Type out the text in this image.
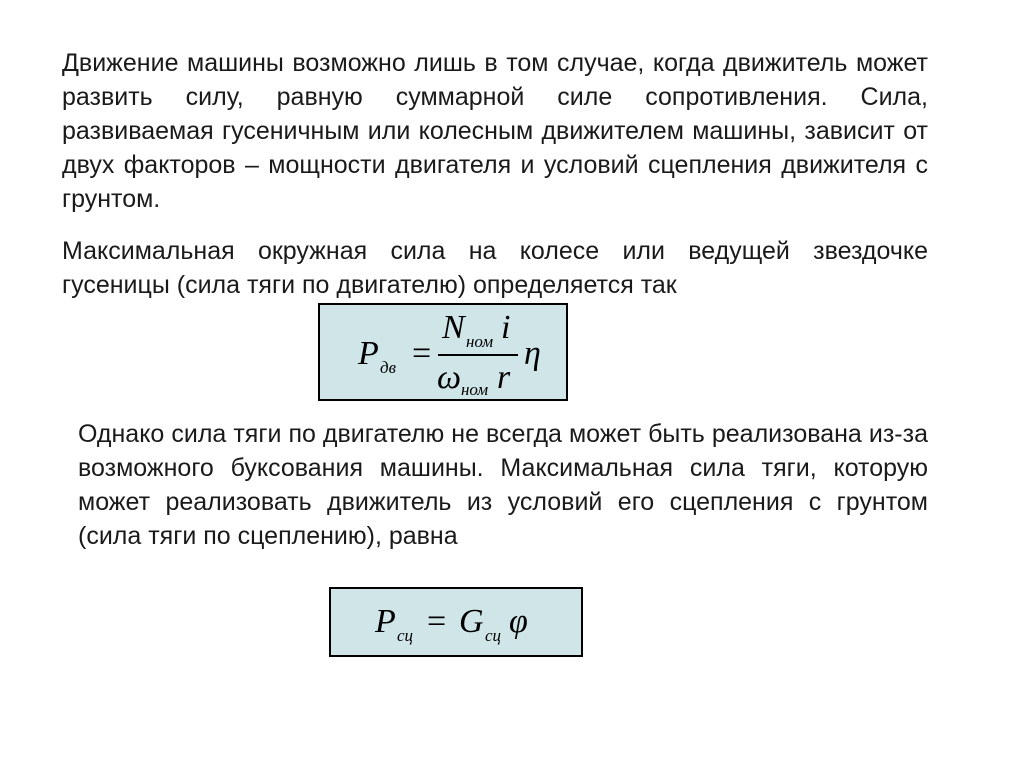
Движение машины возможно лишь в том случае, когда движитель может развить силу, равную суммарной силе сопротивления. Сила, развиваемая гусеничным или колесным движителем машины, зависит от двух факторов – мощности двигателя и условий сцепления движителя с грунтом.

Максимальная окружная сила на колесе или ведущей звездочке гусеницы (сила тяги по двигателю) определяется так

P дв =
N ном i
ω ном r
η

Однако сила тяги по двигателю не всегда может быть реализована из-за возможного буксования машины. Максимальная сила тяги, которую может реализовать движитель из условий его сцепления с грунтом (сила тяги по сцеплению), равна

P сц = G сц φ
